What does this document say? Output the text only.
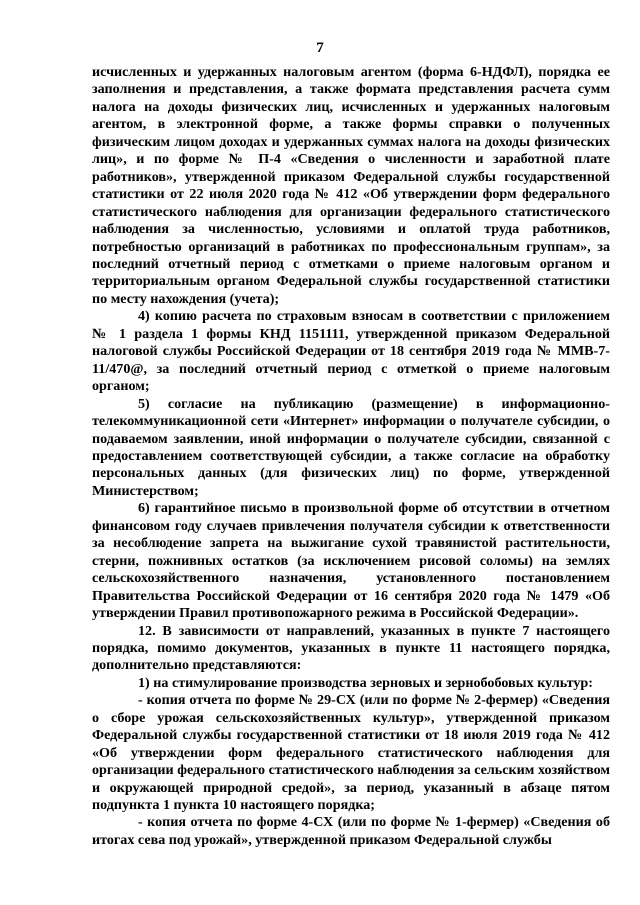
7

исчисленных и удержанных налоговым агентом (форма 6-НДФЛ), порядка ее заполнения и представления, а также формата представления расчета сумм налога на доходы физических лиц, исчисленных и удержанных налоговым агентом, в электронной форме, а также формы справки о полученных физическим лицом доходах и удержанных суммах налога на доходы физических лиц», и по форме № П-4 «Сведения о численности и заработной плате работников», утвержденной приказом Федеральной службы государственной статистики от 22 июля 2020 года № 412 «Об утверждении форм федерального статистического наблюдения для организации федерального статистического наблюдения за численностью, условиями и оплатой труда работников, потребностью организаций в работниках по профессиональным группам», за последний отчетный период с отметками о приеме налоговым органом и территориальным органом Федеральной службы государственной статистики по месту нахождения (учета);

4) копию расчета по страховым взносам в соответствии с приложением № 1 раздела 1 формы КНД 1151111, утвержденной приказом Федеральной налоговой службы Российской Федерации от 18 сентября 2019 года № ММВ-7-11/470@, за последний отчетный период с отметкой о приеме налоговым органом;

5) согласие на публикацию (размещение) в информационно-телекоммуникационной сети «Интернет» информации о получателе субсидии, о подаваемом заявлении, иной информации о получателе субсидии, связанной с предоставлением соответствующей субсидии, а также согласие на обработку персональных данных (для физических лиц) по форме, утвержденной Министерством;

6) гарантийное письмо в произвольной форме об отсутствии в отчетном финансовом году случаев привлечения получателя субсидии к ответственности за несоблюдение запрета на выжигание сухой травянистой растительности, стерни, пожнивных остатков (за исключением рисовой соломы) на землях сельскохозяйственного назначения, установленного постановлением Правительства Российской Федерации от 16 сентября 2020 года № 1479 «Об утверждении Правил противопожарного режима в Российской Федерации».

12. В зависимости от направлений, указанных в пункте 7 настоящего порядка, помимо документов, указанных в пункте 11 настоящего порядка, дополнительно представляются:

1) на стимулирование производства зерновых и зернобобовых культур:

- копия отчета по форме № 29-СХ (или по форме № 2-фермер) «Сведения о сборе урожая сельскохозяйственных культур», утвержденной приказом Федеральной службы государственной статистики от 18 июля 2019 года № 412 «Об утверждении форм федерального статистического наблюдения для организации федерального статистического наблюдения за сельским хозяйством и окружающей природной средой», за период, указанный в абзаце пятом подпункта 1 пункта 10 настоящего порядка;

- копия отчета по форме 4-СХ (или по форме № 1-фермер) «Сведения об итогах сева под урожай», утвержденной приказом Федеральной службы
